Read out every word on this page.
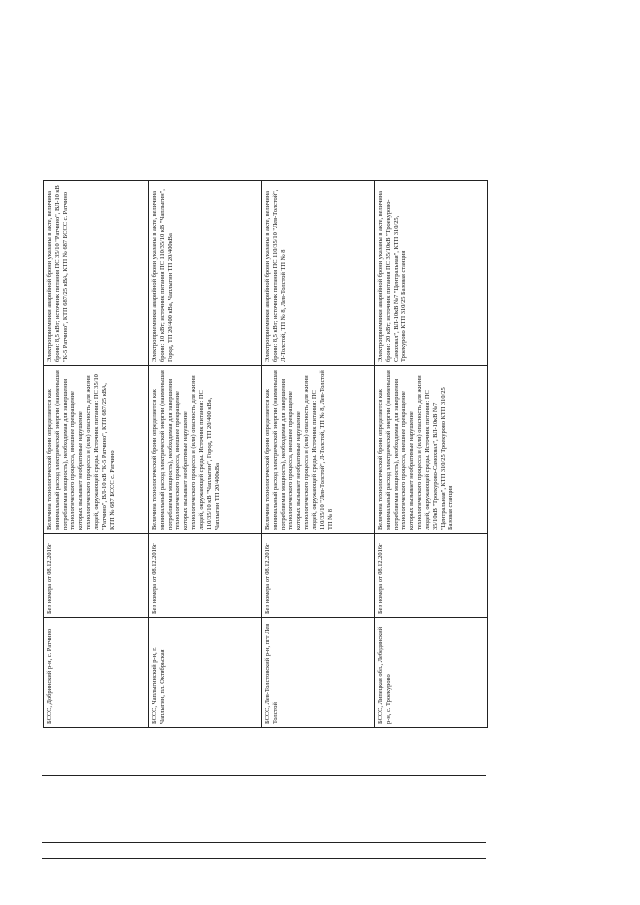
БССС, Добринский р-н, с. Ратчино	Без номера от 08.12.2016г	Величина технологической брони определяется как минимальный расход электрической энергии (наименьшая потребляемая мощность), необходимая для завершения технологического процесса, внешнее прекращение которых вызывает необратимые нарушение технологического процесса и (или) опасность для жизни людей, окружающей среды. Источник питания: ПС 35/10 "Ратчино", ВЛ-10 кВ "К-5 Ратчино", КТП 687/25 кВА, КТП № 687 БССС с. Ратчино	Электроприемники аварийной брони указаны в акте, величина брони: 8,5 кВт; источник питания ПС 35/10 "Ратчино", ВЛ-10 кВ "К-5 Ратчино", КТП 687/25 кВА, КТП № 687 БССС с. Ратчино
БССС, Чаплыгинский р-н, г. Чаплыгин, пл. Октябрьская	Без номера от 08.12.2016г	Величина технологической брони определяется как минимальный расход электрической энергии (наименьшая потребляемая мощность), необходимая для завершения технологического процесса, внешнее прекращение которых вызывает необратимые нарушение технологического процесса и (или) опасность для жизни людей, окружающей среды. Источник питания: ПС 110/35/10 кВ "Чаплыгин", Город, ТП 20/400 кВа, Чаплыгин ТП 20/400кВа	Электроприемники аварийной брони указаны в акте, величина брони: 10 кВт; источник питания ПС 110/35/10 кВ "Чаплыгин", Город, ТП 20/400 кВа, Чаплыгин ТП 20/400кВа
БССС, Лев-Толстовский р-н, пгт Лев Толстой	Без номера от 08.12.2016г	Величина технологической брони определяется как минимальный расход электрической энергии (наименьшая потребляемая мощность), необходимая для завершения технологического процесса, внешнее прекращение которых вызывает необратимые нарушение технологического процесса и (или) опасность для жизни людей, окружающей среды. Источник питания: ПС 110/35/10 "Лев-Толстой", Л-Толстой, ТП № 8, Лев-Толстой ТП № 8	Электроприемники аварийной брони указаны в акте, величина брони: 8,5 кВт; источник питания ПС 110/35/10 "Лев-Толстой", Л-Толстой, ТП № 8, Лев-Толстой ТП № 8
БССС, Липецкая обл., Лебедянский р-н, с. Троекурово	Без номера от 08.12.2016г	Величина технологической брони определяется как минимальный расход электрической энергии (наименьшая потребляемая мощность), необходимая для завершения технологического процесса, внешнее прекращение которых вызывает необратимые нарушение технологического процесса и (или) опасность для жизни людей, окружающей среды. Источник питания: ПС 35/10кВ "Троекурово-Самохвал", ВЛ-10кВ №7 "Центральная", КТП 310/25 Троекурово КТП 310/25 Базовая станция	Электроприемники аварийной брони указаны в акте, величина брони: 20 кВт; источник питания ПС 35/10кВ "Троекурово-Самохвал", ВЛ-10кВ №7 "Центральная", КТП 310/25, Троекурово КТП 310/25 Базовая станция
